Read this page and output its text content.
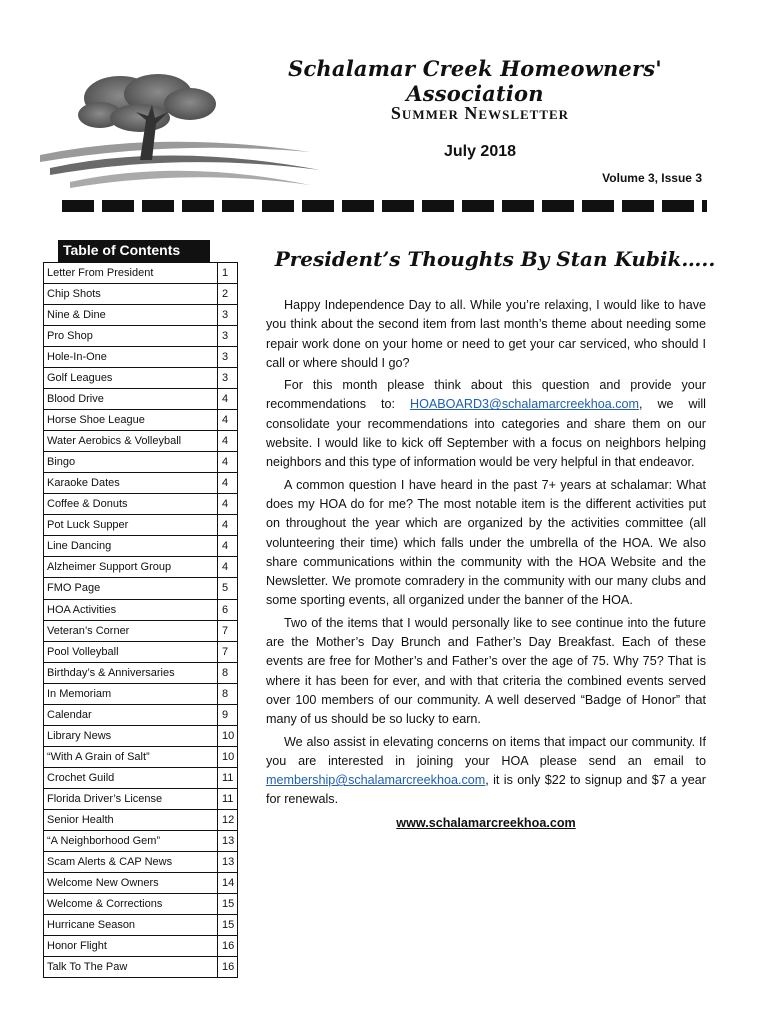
Schalamar Creek Homeowners' Association
Summer Newsletter
July 2018
Volume 3, Issue 3
Table of Contents
Letter From President	1
Chip Shots	2
Nine & Dine	3
Pro Shop	3
Hole-In-One	3
Golf Leagues	3
Blood Drive	4
Horse Shoe League	4
Water Aerobics & Volleyball	4
Bingo	4
Karaoke Dates	4
Coffee & Donuts	4
Pot Luck Supper	4
Line Dancing	4
Alzheimer Support Group	4
FMO Page	5
HOA Activities	6
Veteran’s Corner	7
Pool Volleyball	7
Birthday’s & Anniversaries	8
In Memoriam	8
Calendar	9
Library News	10
“With A Grain of Salt”	10
Crochet Guild	11
Florida Driver’s License	11
Senior Health	12
“A Neighborhood Gem”	13
Scam Alerts & CAP News	13
Welcome New Owners	14
Welcome & Corrections	15
Hurricane Season	15
Honor Flight	16
Talk To The Paw	16
President’s Thoughts By Stan Kubik…..

Happy Independence Day to all. While you’re relaxing, I would like to have you think about the second item from last month’s theme about needing some repair work done on your home or need to get your car serviced, who should I call or where should I go?

For this month please think about this question and provide your recommendations to: HOABOARD3@schalamarcreekhoa.com, we will consolidate your recommendations into categories and share them on our website. I would like to kick off September with a focus on neighbors helping neighbors and this type of information would be very helpful in that endeavor.

A common question I have heard in the past 7+ years at schalamar: What does my HOA do for me? The most notable item is the different activities put on throughout the year which are organized by the activities committee (all volunteering their time) which falls under the umbrella of the HOA. We also share communications within the community with the HOA Website and the Newsletter. We promote comradery in the community with our many clubs and some sporting events, all organized under the banner of the HOA.

Two of the items that I would personally like to see continue into the future are the Mother’s Day Brunch and Father’s Day Breakfast. Each of these events are free for Mother’s and Father’s over the age of 75. Why 75? That is where it has been for ever, and with that criteria the combined events served over 100 members of our community. A well deserved “Badge of Honor” that many of us should be so lucky to earn.

We also assist in elevating concerns on items that impact our community. If you are interested in joining your HOA please send an email to membership@schalamarcreekhoa.com, it is only $22 to signup and $7 a year for renewals.

www.schalamarcreekhoa.com
